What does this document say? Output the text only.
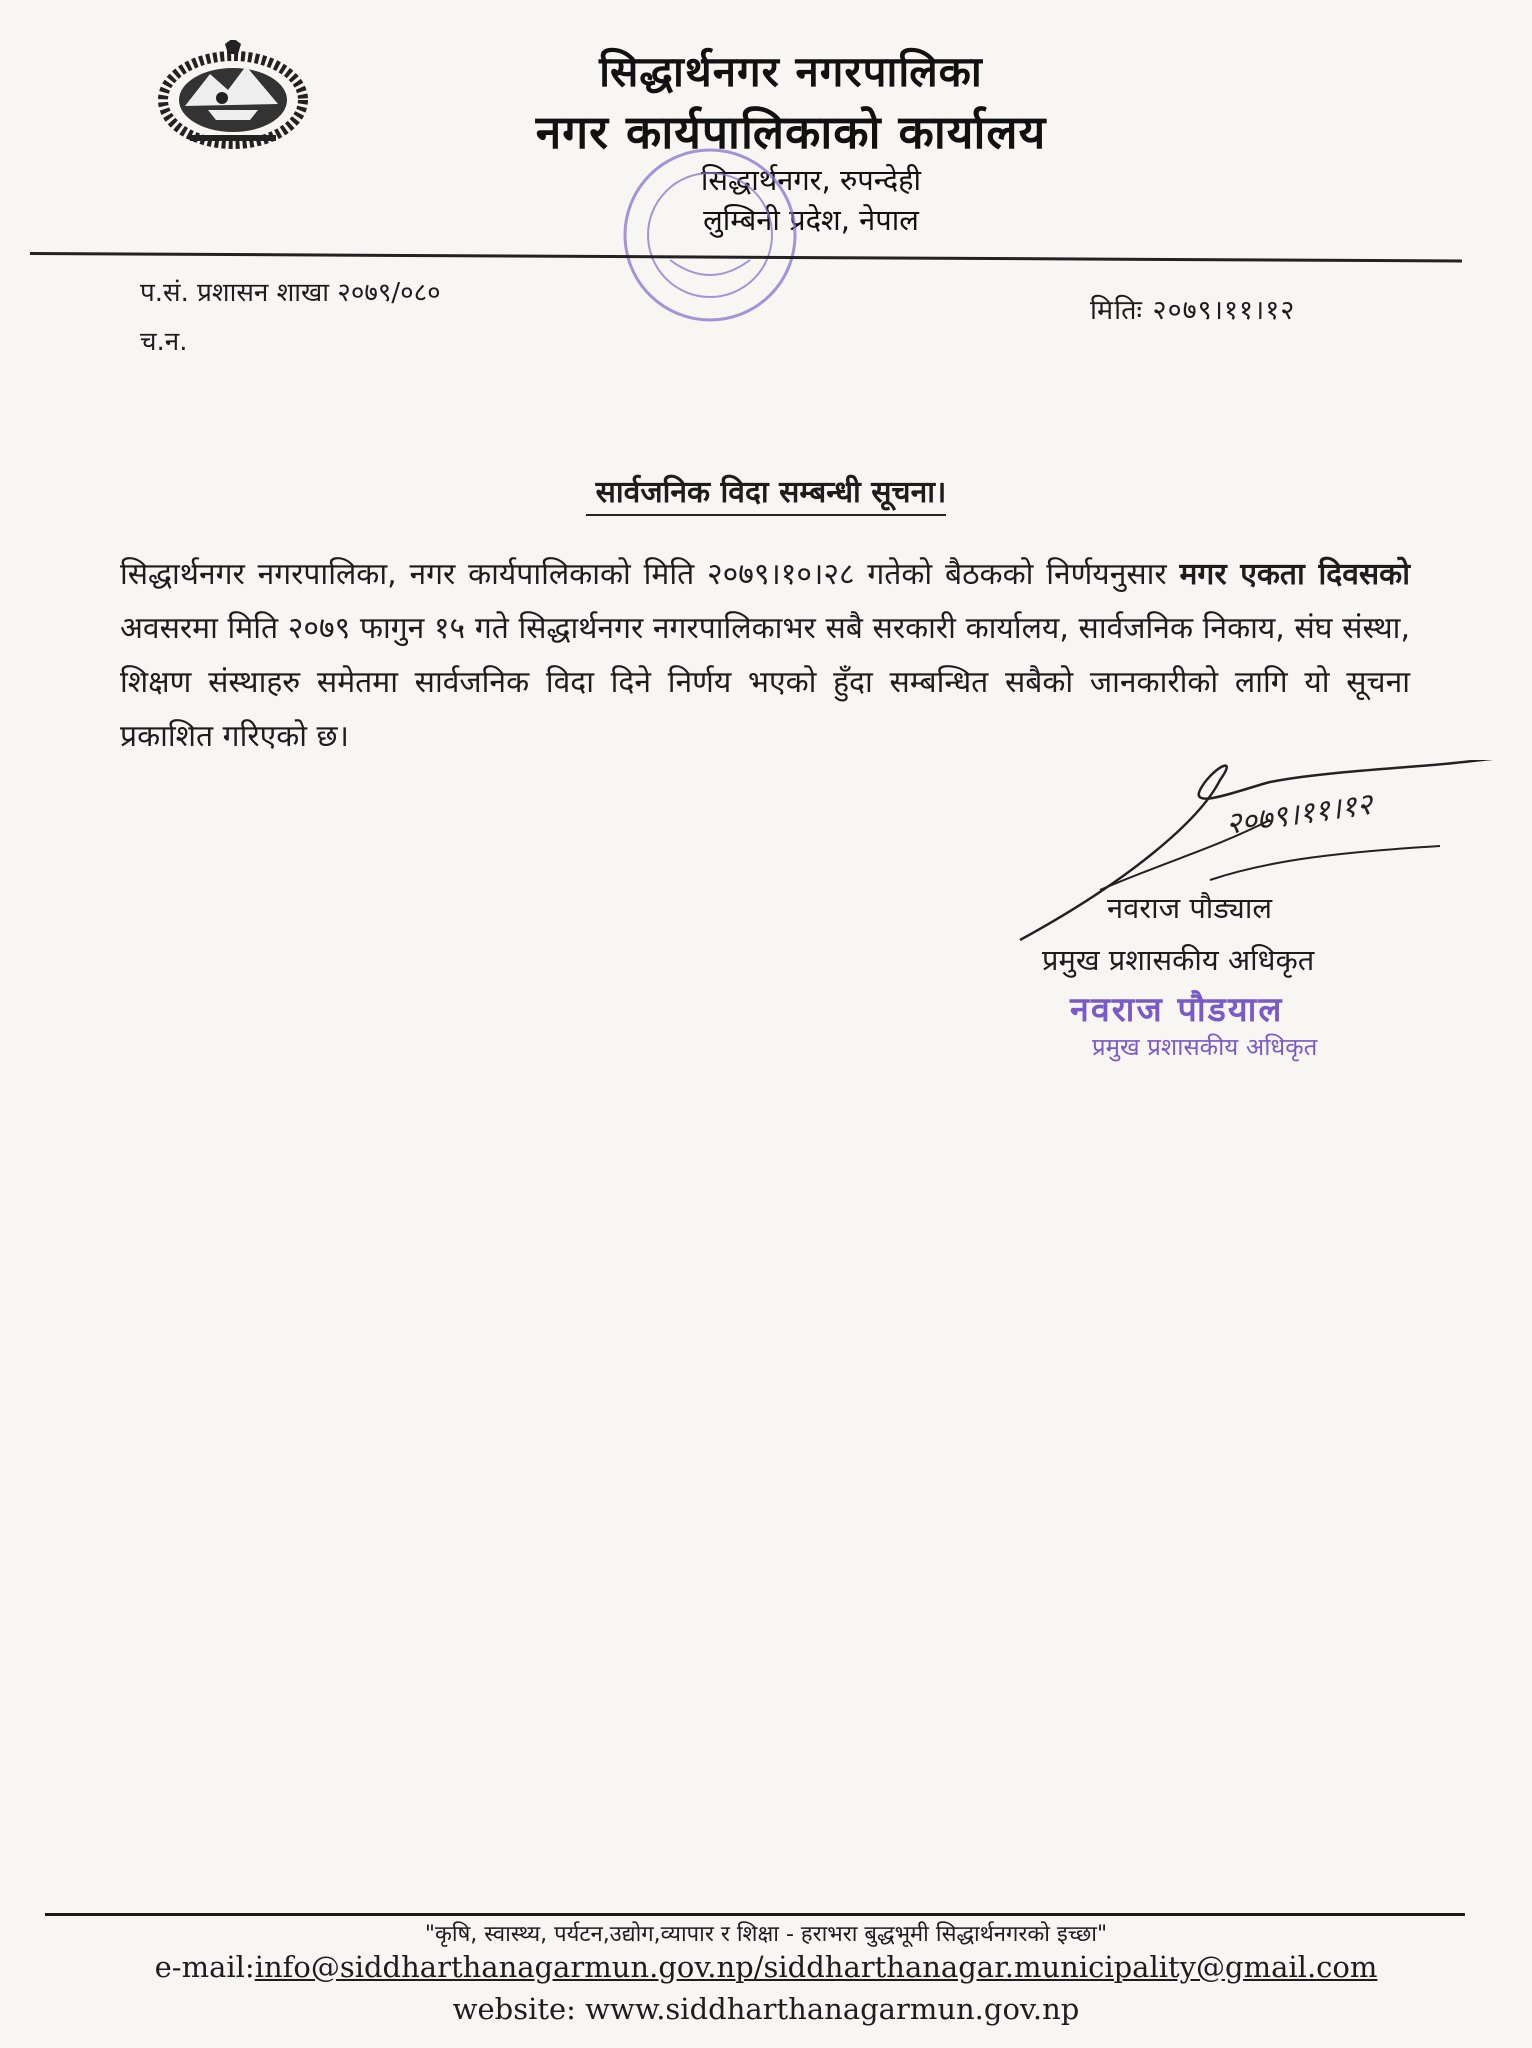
सिद्धार्थनगर नगरपालिका
नगर कार्यपालिकाको कार्यालय
सिद्धार्थनगर, रुपन्देही
लुम्बिनी प्रदेश, नेपाल
प.सं. प्रशासन शाखा २०७९/०८०
च.न.
मितिः २०७९।११।१२
सार्वजनिक विदा सम्बन्धी सूचना।
सिद्धार्थनगर नगरपालिका, नगर कार्यपालिकाको मिति २०७९।१०।२८ गतेको बैठकको निर्णयनुसार मगर एकता दिवसको अवसरमा मिति २०७९ फागुन १५ गते सिद्धार्थनगर नगरपालिकाभर सबै सरकारी कार्यालय, सार्वजनिक निकाय, संघ संस्था, शिक्षण संस्थाहरु समेतमा सार्वजनिक विदा दिने निर्णय भएको हुँदा सम्बन्धित सबैको जानकारीको लागि यो सूचना प्रकाशित गरिएको छ।
२०७९।११।१२
नवराज पौड्याल
प्रमुख प्रशासकीय अधिकृत
नवराज पौडयाल
प्रमुख प्रशासकीय अधिकृत
"कृषि, स्वास्थ्य, पर्यटन,उद्योग,व्यापार र शिक्षा - हराभरा बुद्धभूमी सिद्धार्थनगरको इच्छा"
e-mail:info@siddharthanagarmun.gov.np/siddharthanagar.municipality@gmail.com
website: www.siddharthanagarmun.gov.np
